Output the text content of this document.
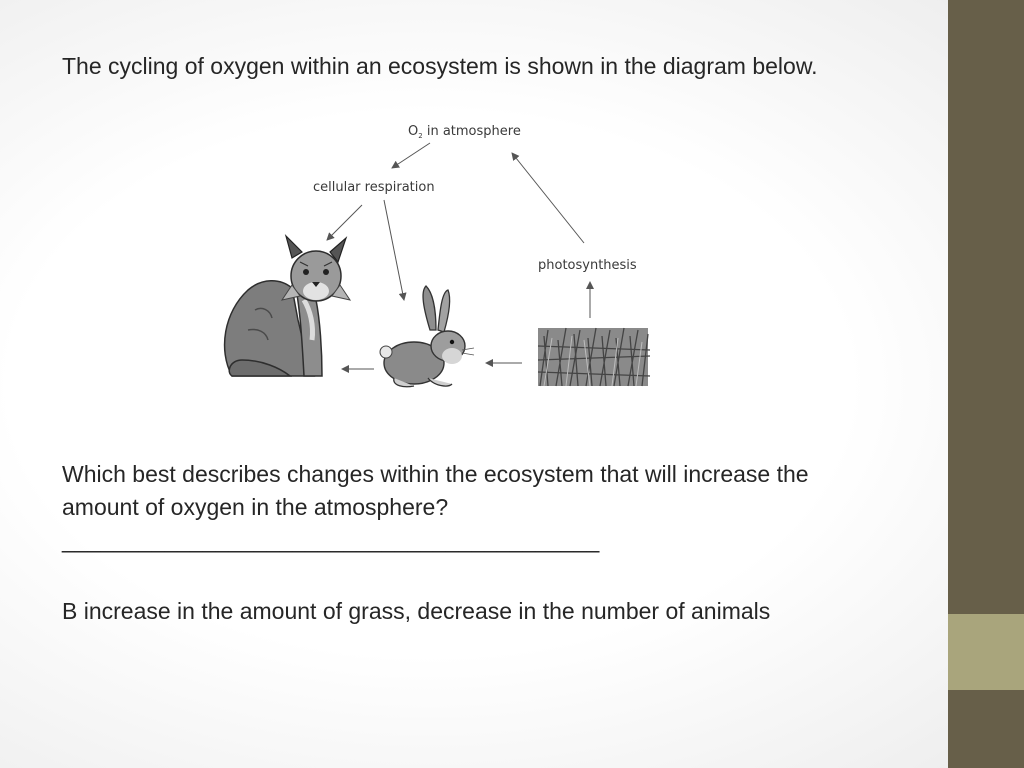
The cycling of oxygen within an ecosystem is shown in the diagram below.
$O_2$ in atmosphere
cellular respiration
photosynthesis
Which best describes changes within the ecosystem that will increase the amount of oxygen in the atmosphere?
__________________________________________
B increase in the amount of grass, decrease in the number of animals
